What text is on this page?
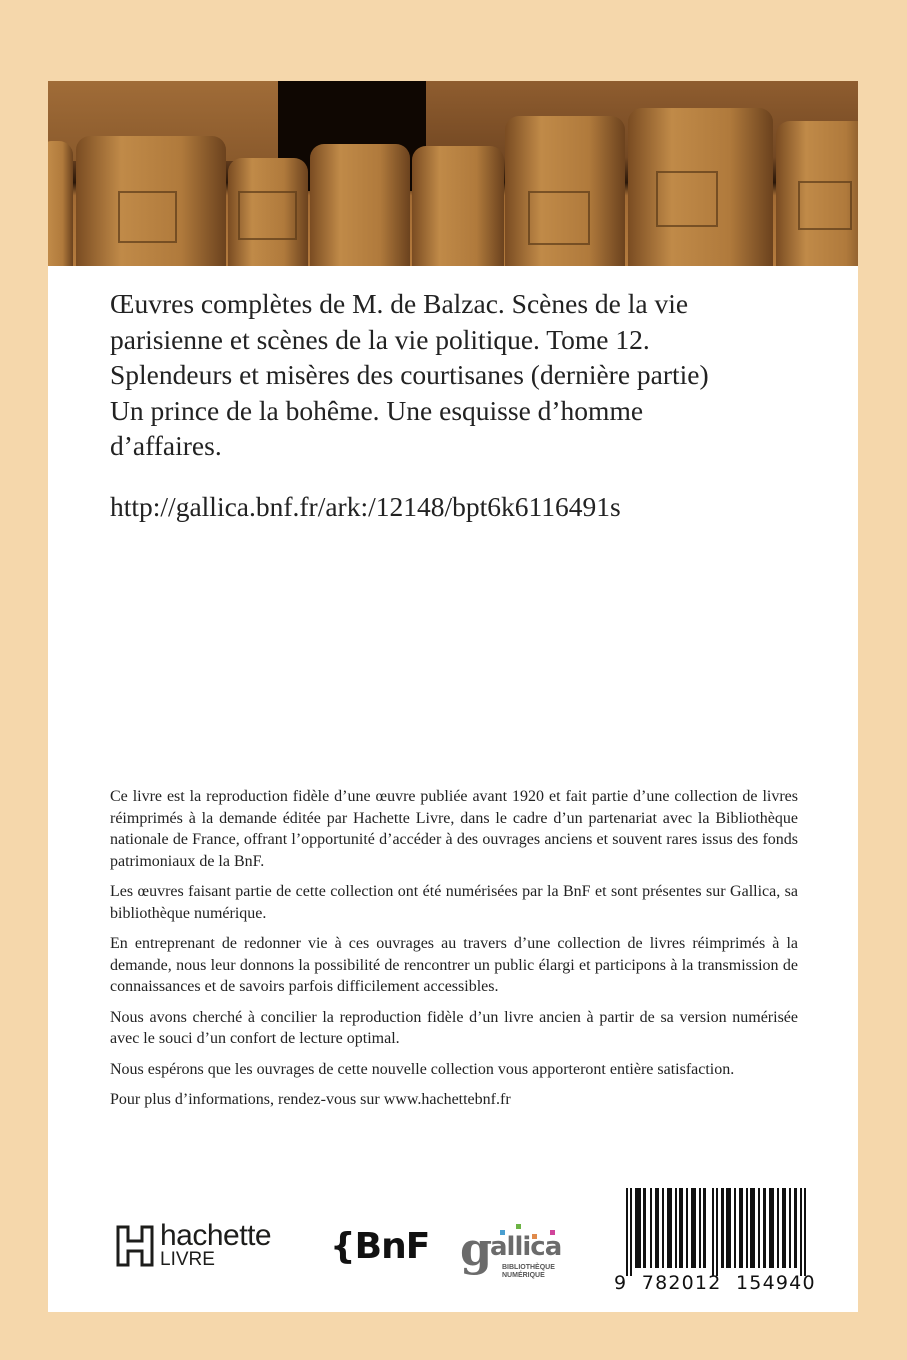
Œuvres complètes de M. de Balzac. Scènes de la vie parisienne et scènes de la vie politique. Tome 12. Splendeurs et misères des courtisanes (dernière partie) Un prince de la bohême. Une esquisse d’homme d’affaires.
http://gallica.bnf.fr/ark:/12148/bpt6k6116491s

Ce livre est la reproduction fidèle d’une œuvre publiée avant 1920 et fait partie d’une collection de livres réimprimés à la demande éditée par Hachette Livre, dans le cadre d’un partenariat avec la Bibliothèque nationale de France, offrant l’opportunité d’accéder à des ouvrages anciens et souvent rares issus des fonds patrimoniaux de la BnF.

Les œuvres faisant partie de cette collection ont été numérisées par la BnF et sont présentes sur Gallica, sa bibliothèque numérique.

En entreprenant de redonner vie à ces ouvrages au travers d’une collection de livres réimprimés à la demande, nous leur donnons la possibilité de rencontrer un public élargi et participons à la transmission de connaissances et de savoirs parfois difficilement accessibles.

Nous avons cherché à concilier la reproduction fidèle d’un livre ancien à partir de sa version numérisée avec le souci d’un confort de lecture optimal.

Nous espérons que les ouvrages de cette nouvelle collection vous apporteront entière satisfaction.

Pour plus d’informations, rendez-vous sur www.hachettebnf.fr

hachette
LIVRE	{BnF g
allica
BIBLIOTHÈQUE
NUMÉRIQUE	9 782012 154940
